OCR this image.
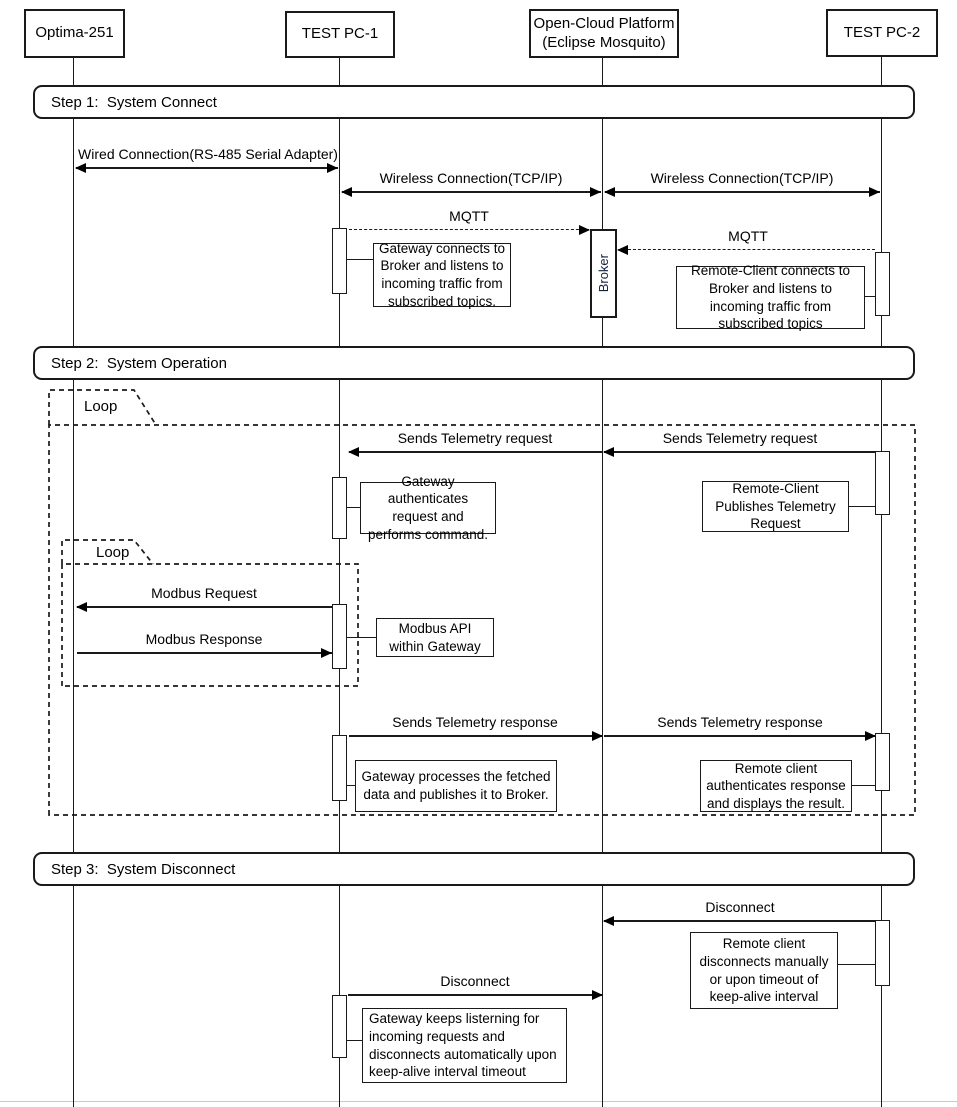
Loop
Loop
Optima-251	TEST PC-1
Open-Cloud Platform (Eclipse Mosquito)
TEST PC-2
Step 1:  System Connect
Step 2:  System Operation
Step 3:  System Disconnect
Wired Connection(RS-485 Serial Adapter)
Wireless Connection(TCP/IP)	Wireless Connection(TCP/IP)
MQTT
MQTT
Broker
Sends Telemetry request	Sends Telemetry request
Modbus Request
Modbus Response
Sends Telemetry response	Sends Telemetry response
Disconnect
Disconnect
Gateway connects to Broker and listens to incoming traffic from subscribed topics.
Remote-Client connects to Broker and listens to incoming traffic from subscribed topics
Gateway authenticates request and performs command.
Remote-Client Publishes Telemetry Request
Modbus API within Gateway
Gateway processes the fetched data and publishes it to Broker.
Remote client authenticates response and displays the result.
Remote client disconnects manually or upon timeout of keep-alive interval
Gateway keeps listerning for incoming requests and disconnects automatically upon keep-alive interval timeout
